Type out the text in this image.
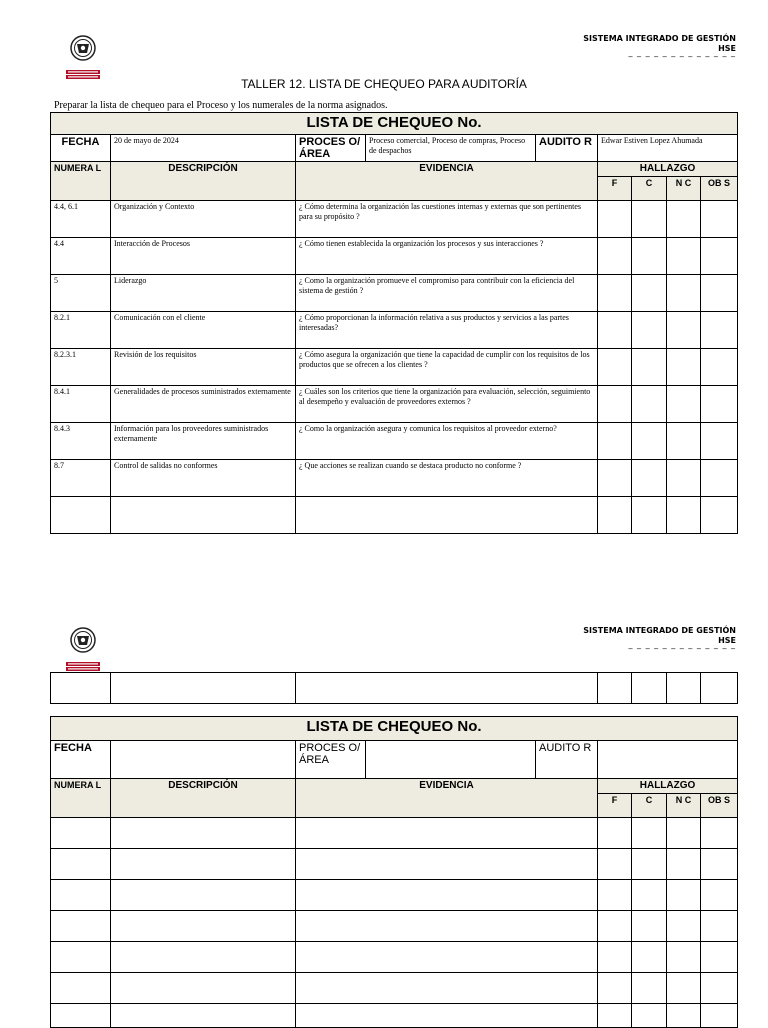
SISTEMA INTEGRADO DE GESTIÓN
HSE
TALLER 12. LISTA DE CHEQUEO PARA AUDITORÍA
Preparar la lista de chequeo para el Proceso y los numerales de la norma asignados.
LISTA DE CHEQUEO No.								
FECHA	20 de mayo de 2024	PROCES O/ ÁREA	Proceso comercial, Proceso de compras, Proceso de despachos	AUDITO R	Edwar Estiven Lopez Ahumada			
NUMERA L	DESCRIPCIÓN	EVIDENCIA			HALLAZGO			
					F	C	N C	OB S
4.4, 6.1	Organización y Contexto	¿ Cómo determina la organización las cuestiones internas y externas que son pertinentes para su propósito ?						
4.4	Interacción de Procesos	¿ Cómo tienen establecida la organización los procesos y sus interacciones ?						
5	Liderazgo	¿ Como la organización promueve el compromiso para contribuir con la eficiencia del sistema de gestión ?						
8.2.1	Comunicación con el cliente	¿ Cómo proporcionan la información relativa a sus productos y servicios a las partes interesadas?						
8.2.3.1	Revisión de los requisitos	¿ Cómo asegura la organización que tiene la capacidad de cumplir con los requisitos de los productos que se ofrecen a los clientes ?						
8.4.1	Generalidades de procesos suministrados externamente	¿ Cuáles son los criterios que tiene la organización para evaluación, selección, seguimiento al desempeño y evaluación de proveedores externos ?						
8.4.3	Información para los proveedores suministrados externamente	¿ Como la organización asegura y comunica los requisitos al proveedor externo?						
8.7	Control de salidas no conformes	¿ Que acciones se realizan cuando se destaca producto no conforme ?						

SISTEMA INTEGRADO DE GESTIÓN
HSE

LISTA DE CHEQUEO No.								
FECHA		PROCES O/ ÁREA		AUDITO R				
NUMERA L	DESCRIPCIÓN	EVIDENCIA			HALLAZGO			
					F	C	N C	OB S
